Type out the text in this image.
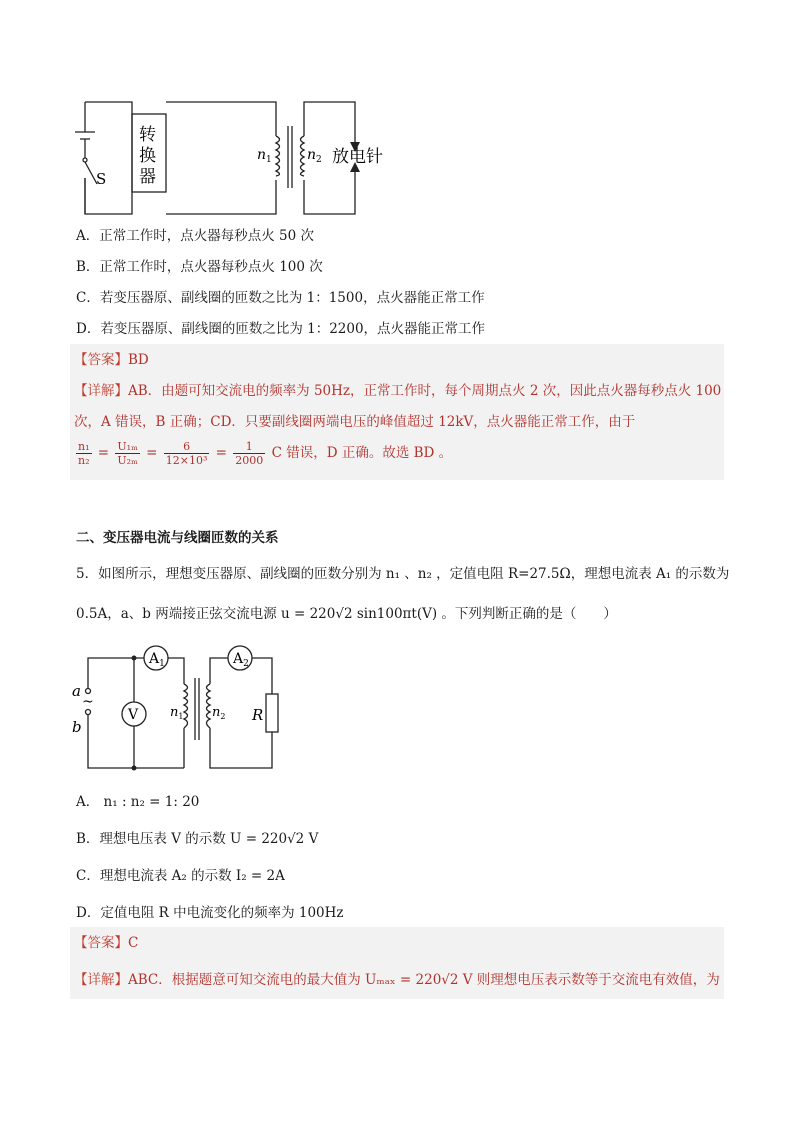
转
换
器
S
$n_1$	$n_2$ 放电针
A．正常工作时，点火器每秒点火 50 次
B．正常工作时，点火器每秒点火 100 次
C．若变压器原、副线圈的匝数之比为 1：1500，点火器能正常工作
D．若变压器原、副线圈的匝数之比为 1：2200，点火器能正常工作
【答案】BD
【详解】AB．由题可知交流电的频率为 50Hz，正常工作时，每个周期点火 2 次，因此点火器每秒点火 100
次，A 错误，B 正确；CD．只要副线圈两端电压的峰值超过 12kV，点火器能正常工作，由于
$\frac{\text{n₁}}{\text{n₂}} = \frac{\text{U₁ₘ}}{\text{U₂ₘ}} = \frac{6}{\text{12×10³}} = \frac{1}{2000}$ C 错误，D 正确。故选 BD 。
二、变压器电流与线圈匝数的关系
5．如图所示，理想变压器原、副线圈的匝数分别为 n₁ 、n₂ ，定值电阻 R=27.5Ω，理想电流表 A₁ 的示数为
0.5A，a、b 两端接正弦交流电源 u = 220√2 sin100πt(V) 。下列判断正确的是（　　）
a
~
b
V
$A_1$	$A_2$
$n_1$ $n_2$ R
A． n₁ : n₂ = 1: 20
B．理想电压表 V 的示数 U = 220√2 V
C．理想电流表 A₂ 的示数 I₂ = 2A
D．定值电阻 R 中电流变化的频率为 100Hz
【答案】C
【详解】ABC．根据题意可知交流电的最大值为 Uₘₐₓ = 220√2 V 则理想电压表示数等于交流电有效值，为
